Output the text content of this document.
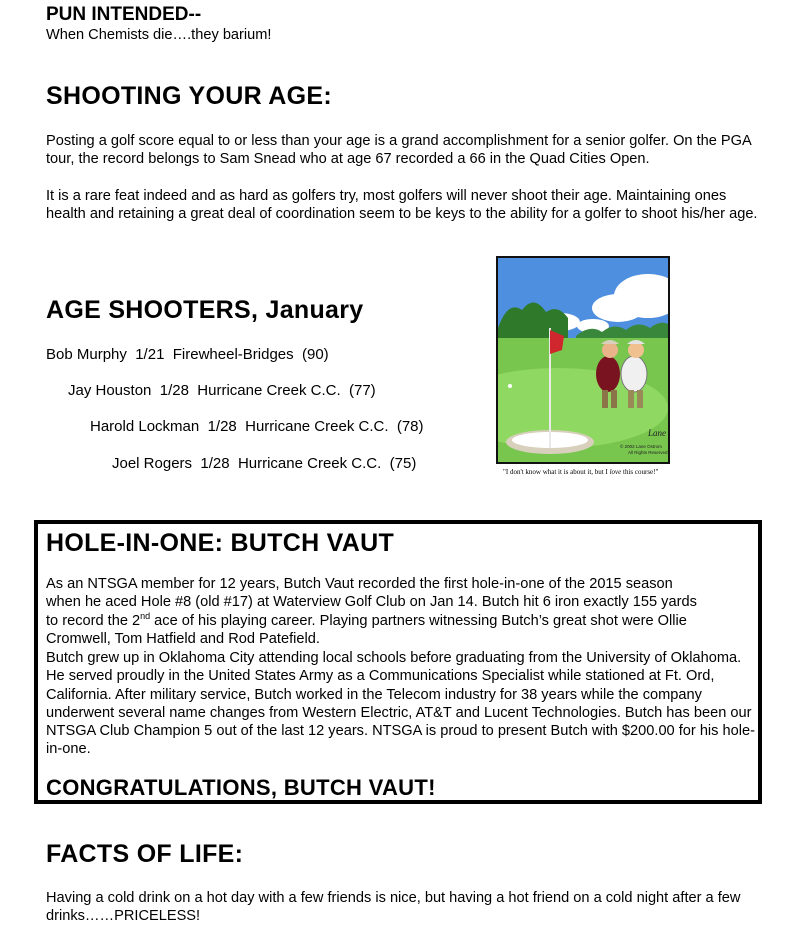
PUN INTENDED--
When Chemists die….they barium!
SHOOTING YOUR AGE:
Posting a golf score equal to or less than your age is a grand accomplishment for a senior golfer. On the PGA tour, the record belongs to Sam Snead who at age 67 recorded a 66 in the Quad Cities Open.
It is a rare feat indeed and as hard as golfers try, most golfers will never shoot their age. Maintaining ones health and retaining a great deal of coordination seem to be keys to the ability for a golfer to shoot his/her age.
AGE SHOOTERS, January
Bob Murphy 1/21 Firewheel-Bridges (90)
Jay Houston 1/28 Hurricane Creek C.C. (77)
Harold Lockman 1/28 Hurricane Creek C.C. (78)
Joel Rogers 1/28 Hurricane Creek C.C. (75)
Lane
© 2002 Lane Ostrom
All Rights Reserved
"I don't know what it is about it, but I love this course!"
HOLE-IN-ONE: BUTCH VAUT
As an NTSGA member for 12 years, Butch Vaut recorded the first hole-in-one of the 2015 season
when he aced Hole #8 (old #17) at Waterview Golf Club on Jan 14. Butch hit 6 iron exactly 155 yards
to record the 2nd ace of his playing career. Playing partners witnessing Butch’s great shot were Ollie
Cromwell, Tom Hatfield and Rod Patefield.
Butch grew up in Oklahoma City attending local schools before graduating from the University of Oklahoma. He served proudly in the United States Army as a Communications Specialist while stationed at Ft. Ord, California. After military service, Butch worked in the Telecom industry for 38 years while the company underwent several name changes from Western Electric, AT&T and Lucent Technologies. Butch has been our NTSGA Club Champion 5 out of the last 12 years. NTSGA is proud to present Butch with $200.00 for his hole-in-one.
CONGRATULATIONS, BUTCH VAUT!
FACTS OF LIFE:
Having a cold drink on a hot day with a few friends is nice, but having a hot friend on a cold night after a few drinks……PRICELESS!
